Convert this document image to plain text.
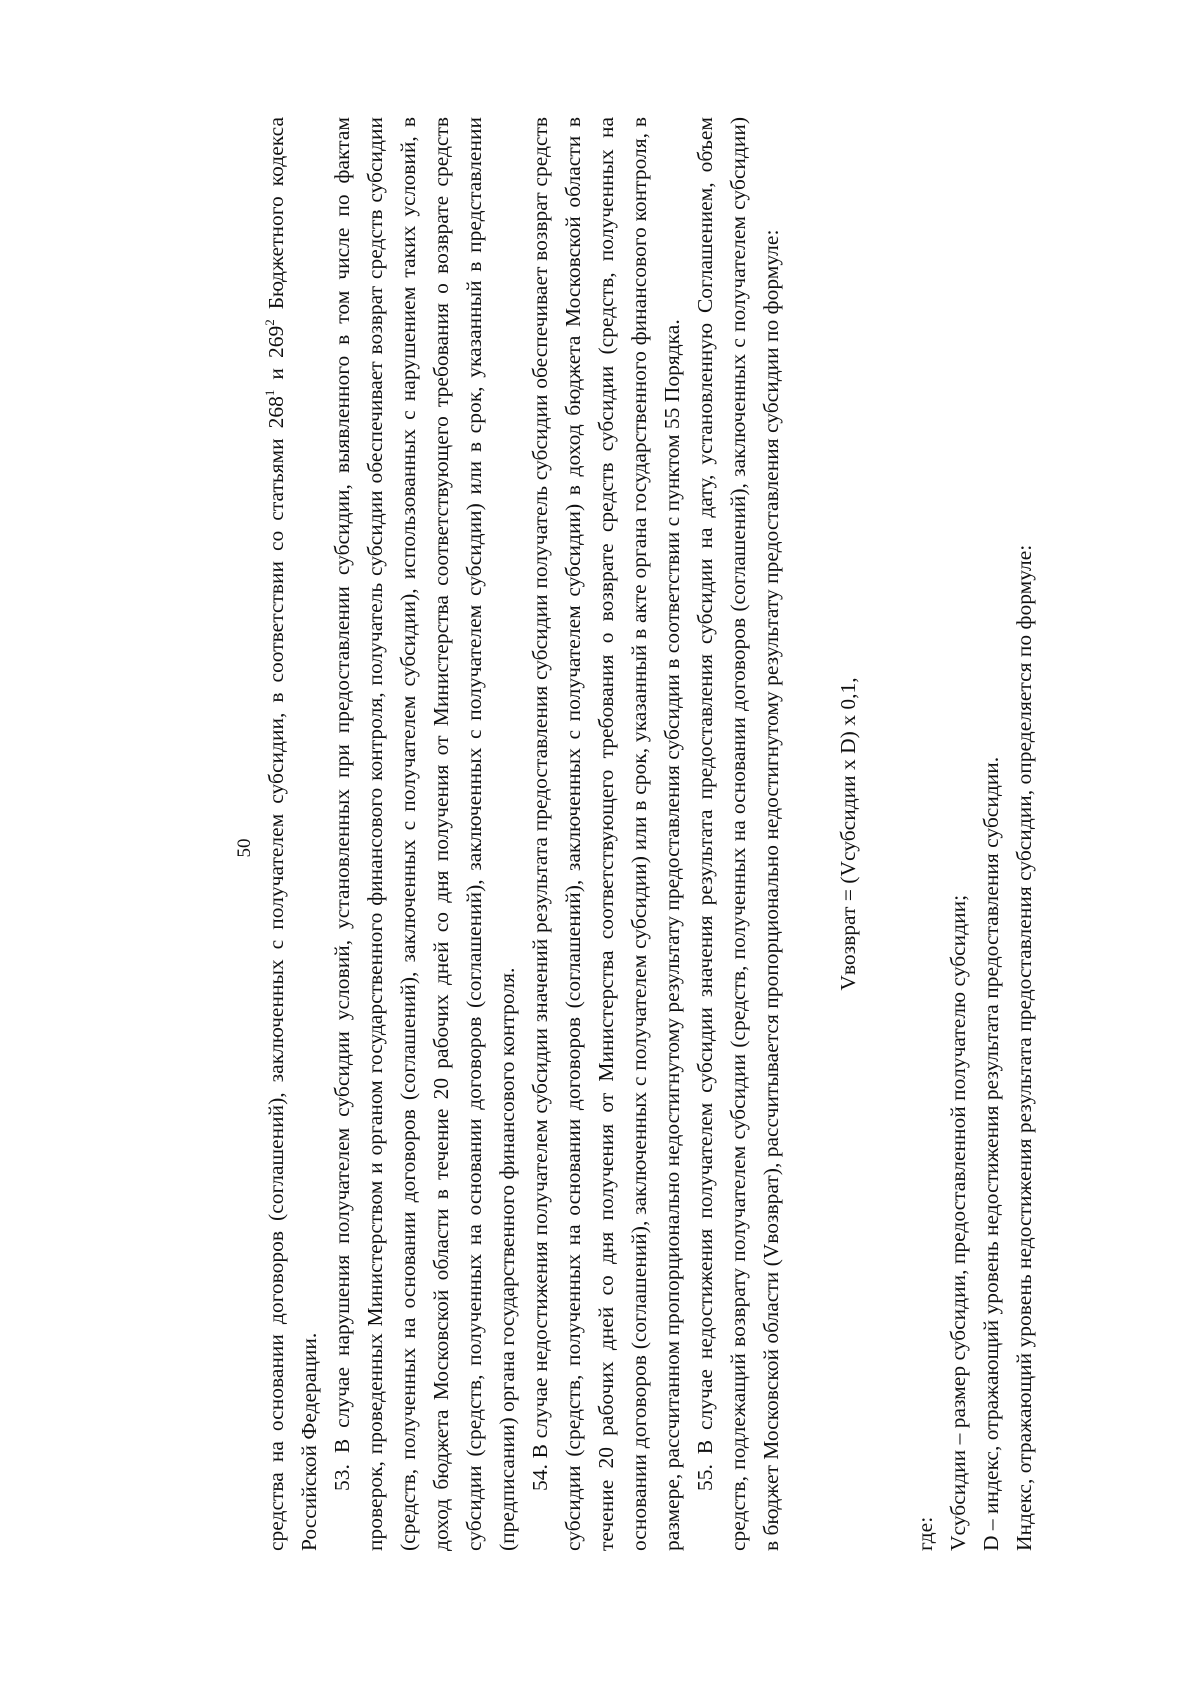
50 средства на основании договоров (соглашений), заключенных с получателем субсидии, в соответствии со статьями $268^1$ и $269^2$ Бюджетного кодекса Российской Федерации. 53. В случае нарушения получателем субсидии условий, установленных при предоставлении субсидии, выявленного в том числе по фактам проверок, проведенных Министерством и органом государственного финансового контроля, получатель субсидии обеспечивает возврат средств субсидии (средств, полученных на основании договоров (соглашений), заключенных с получателем субсидии), использованных с нарушением таких условий, в доход бюджета Московской области в течение 20 рабочих дней со дня получения от Министерства соответствующего требования о возврате средств субсидии (средств, полученных на основании договоров (соглашений), заключенных с получателем субсидии) или в срок, указанный в представлении (предписании) органа государственного финансового контроля. 54. В случае недостижения получателем субсидии значений результата предоставления субсидии получатель субсидии обеспечивает возврат средств субсидии (средств, полученных на основании договоров (соглашений), заключенных с получателем субсидии) в доход бюджета Московской области в течение 20 рабочих дней со дня получения от Министерства соответствующего требования о возврате средств субсидии (средств, полученных на основании договоров (соглашений), заключенных с получателем субсидии) или в срок, указанный в акте органа государственного финансового контроля, в размере, рассчитанном пропорционально недостигнутому результату предоставления субсидии в соответствии с пунктом 55 Порядка. 55. В случае недостижения получателем субсидии значения результата предоставления субсидии на дату, установленную Соглашением, объем средств, подлежащий возврату получателем субсидии (средств, полученных на основании договоров (соглашений), заключенных с получателем субсидии) в бюджет Московской области (Vвозврат), рассчитывается пропорционально недостигнутому результату предоставления субсидии по формуле: Vвозврат = (Vсубсидии x D) x 0,1,

где: Vсубсидии – размер субсидии, предоставленной получателю субсидии; D – индекс, отражающий уровень недостижения результата предоставления субсидии. Индекс, отражающий уровень недостижения результата предоставления субсидии, определяется по формуле:
